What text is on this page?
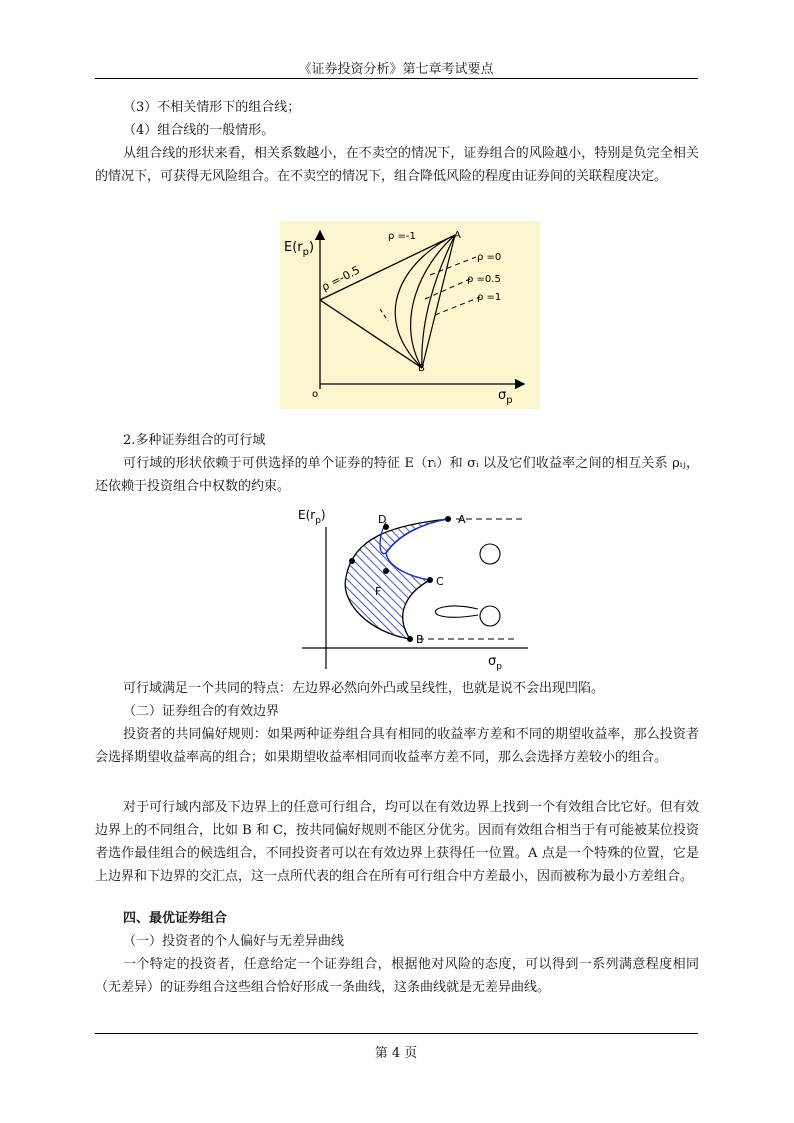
《证券投资分析》第七章考试要点

（3）不相关情形下的组合线；

（4）组合线的一般情形。

从组合线的形状来看，相关系数越小，在不卖空的情况下，证券组合的风险越小，特别是负完全相关的情况下，可获得无风险组合。在不卖空的情况下，组合降低风险的程度由证券间的关联程度决定。

$E(r_p)$
$\sigma_p$
o
A
B
ρ =-1
ρ =-0.5
ρ =0
ρ =0.5
ρ =1

2.多种证券组合的可行域

可行域的形状依赖于可供选择的单个证券的特征 E（rᵢ）和 σᵢ 以及它们收益率之间的相互关系 ρᵢⱼ，还依赖于投资组合中权数的约束。

$E(r_p)$
$\sigma_p$
A
B
C
D
F

可行域满足一个共同的特点：左边界必然向外凸或呈线性，也就是说不会出现凹陷。

（二）证券组合的有效边界

投资者的共同偏好规则：如果两种证券组合具有相同的收益率方差和不同的期望收益率，那么投资者会选择期望收益率高的组合；如果期望收益率相同而收益率方差不同，那么会选择方差较小的组合。

对于可行域内部及下边界上的任意可行组合，均可以在有效边界上找到一个有效组合比它好。但有效边界上的不同组合，比如 B 和 C，按共同偏好规则不能区分优劣。因而有效组合相当于有可能被某位投资者选作最佳组合的候选组合，不同投资者可以在有效边界上获得任一位置。A 点是一个特殊的位置，它是上边界和下边界的交汇点，这一点所代表的组合在所有可行组合中方差最小，因而被称为最小方差组合。

四、最优证券组合

（一）投资者的个人偏好与无差异曲线

一个特定的投资者，任意给定一个证券组合，根据他对风险的态度，可以得到一系列满意程度相同（无差异）的证券组合这些组合恰好形成一条曲线，这条曲线就是无差异曲线。

第 4 页
